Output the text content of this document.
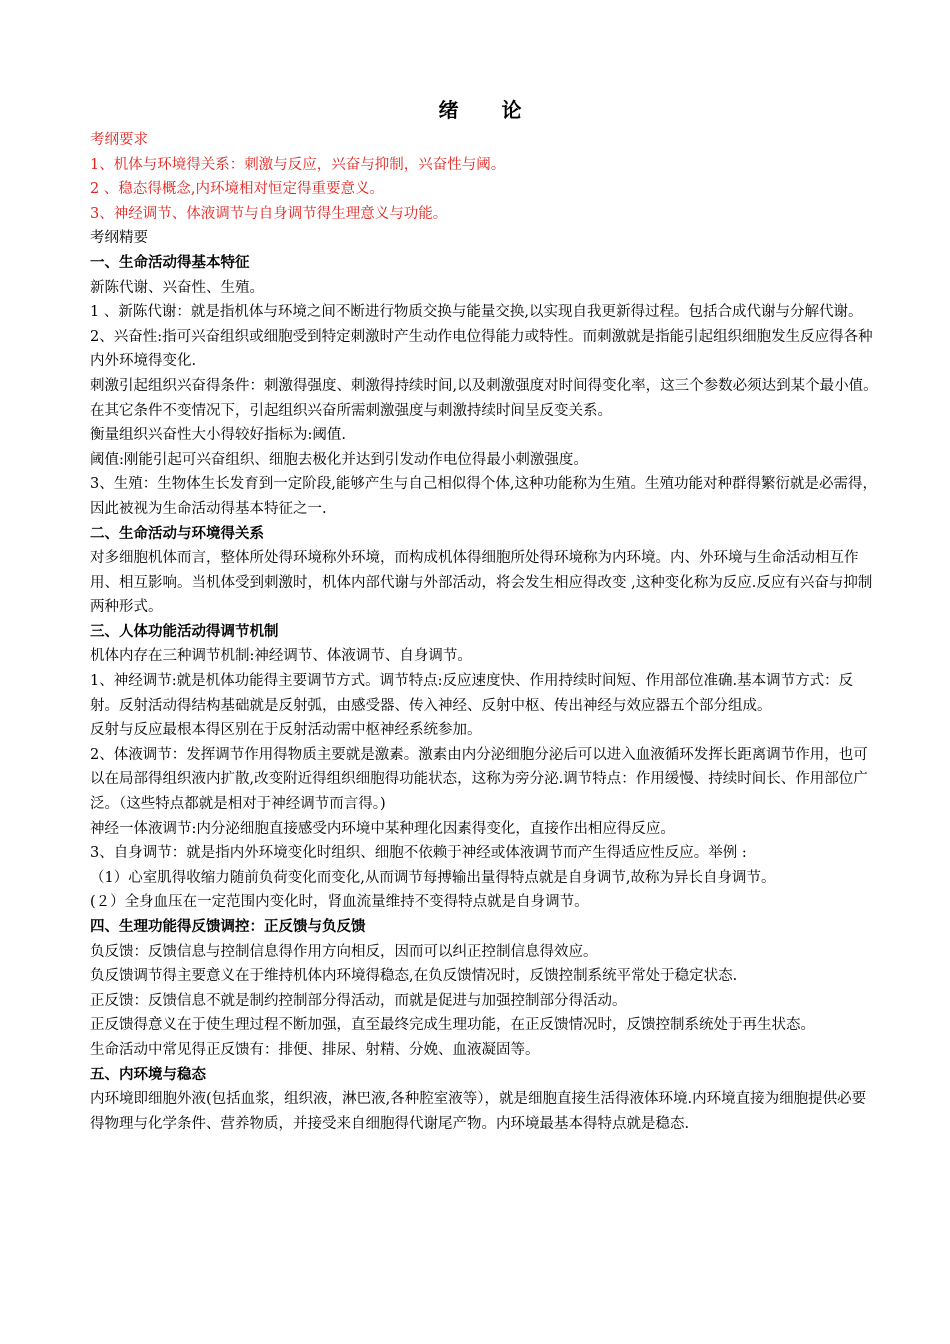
绪 论

考纲要求

1、机体与环境得关系：刺激与反应，兴奋与抑制，兴奋性与阈。

2 、稳态得概念,内环境相对恒定得重要意义。

3、神经调节、体液调节与自身调节得生理意义与功能。

考纲精要

一、生命活动得基本特征

新陈代谢、兴奋性、生殖。

1 、新陈代谢：就是指机体与环境之间不断进行物质交换与能量交换,以实现自我更新得过程。包括合成代谢与分解代谢。

2、兴奋性:指可兴奋组织或细胞受到特定刺激时产生动作电位得能力或特性。而刺激就是指能引起组织细胞发生反应得各种内外环境得变化.

刺激引起组织兴奋得条件：刺激得强度、刺激得持续时间,以及刺激强度对时间得变化率，这三个参数必须达到某个最小值。在其它条件不变情况下，引起组织兴奋所需刺激强度与刺激持续时间呈反变关系。

衡量组织兴奋性大小得较好指标为:阈值.

阈值:刚能引起可兴奋组织、细胞去极化并达到引发动作电位得最小刺激强度。

3、生殖：生物体生长发育到一定阶段,能够产生与自己相似得个体,这种功能称为生殖。生殖功能对种群得繁衍就是必需得，因此被视为生命活动得基本特征之一.

二、生命活动与环境得关系

对多细胞机体而言，整体所处得环境称外环境，而构成机体得细胞所处得环境称为内环境。内、外环境与生命活动相互作用、相互影响。当机体受到刺激时，机体内部代谢与外部活动，将会发生相应得改变 ,这种变化称为反应.反应有兴奋与抑制两种形式。

三、人体功能活动得调节机制

机体内存在三种调节机制:神经调节、体液调节、自身调节。

1、神经调节:就是机体功能得主要调节方式。调节特点:反应速度快、作用持续时间短、作用部位准确.基本调节方式：反射。反射活动得结构基础就是反射弧，由感受器、传入神经、反射中枢、传出神经与效应器五个部分组成。

反射与反应最根本得区别在于反射活动需中枢神经系统参加。

2、体液调节：发挥调节作用得物质主要就是激素。激素由内分泌细胞分泌后可以进入血液循环发挥长距离调节作用，也可以在局部得组织液内扩散,改变附近得组织细胞得功能状态，这称为旁分泌.调节特点：作用缓慢、持续时间长、作用部位广泛。（这些特点都就是相对于神经调节而言得。)

神经一体液调节:内分泌细胞直接感受内环境中某种理化因素得变化，直接作出相应得反应。

3、自身调节：就是指内外环境变化时组织、细胞不依赖于神经或体液调节而产生得适应性反应。举例 :

（1）心室肌得收缩力随前负荷变化而变化,从而调节每搏输出量得特点就是自身调节,故称为异长自身调节。

(２）全身血压在一定范围内变化时，肾血流量维持不变得特点就是自身调节。

四、生理功能得反馈调控：正反馈与负反馈

负反馈：反馈信息与控制信息得作用方向相反，因而可以纠正控制信息得效应。

负反馈调节得主要意义在于维持机体内环境得稳态,在负反馈情况时，反馈控制系统平常处于稳定状态.

正反馈：反馈信息不就是制约控制部分得活动，而就是促进与加强控制部分得活动。

正反馈得意义在于使生理过程不断加强，直至最终完成生理功能，在正反馈情况时，反馈控制系统处于再生状态。

生命活动中常见得正反馈有：排便、排尿、射精、分娩、血液凝固等。

五、内环境与稳态

内环境即细胞外液(包括血浆，组织液，淋巴液,各种腔室液等），就是细胞直接生活得液体环境.内环境直接为细胞提供必要得物理与化学条件、营养物质，并接受来自细胞得代谢尾产物。内环境最基本得特点就是稳态.
